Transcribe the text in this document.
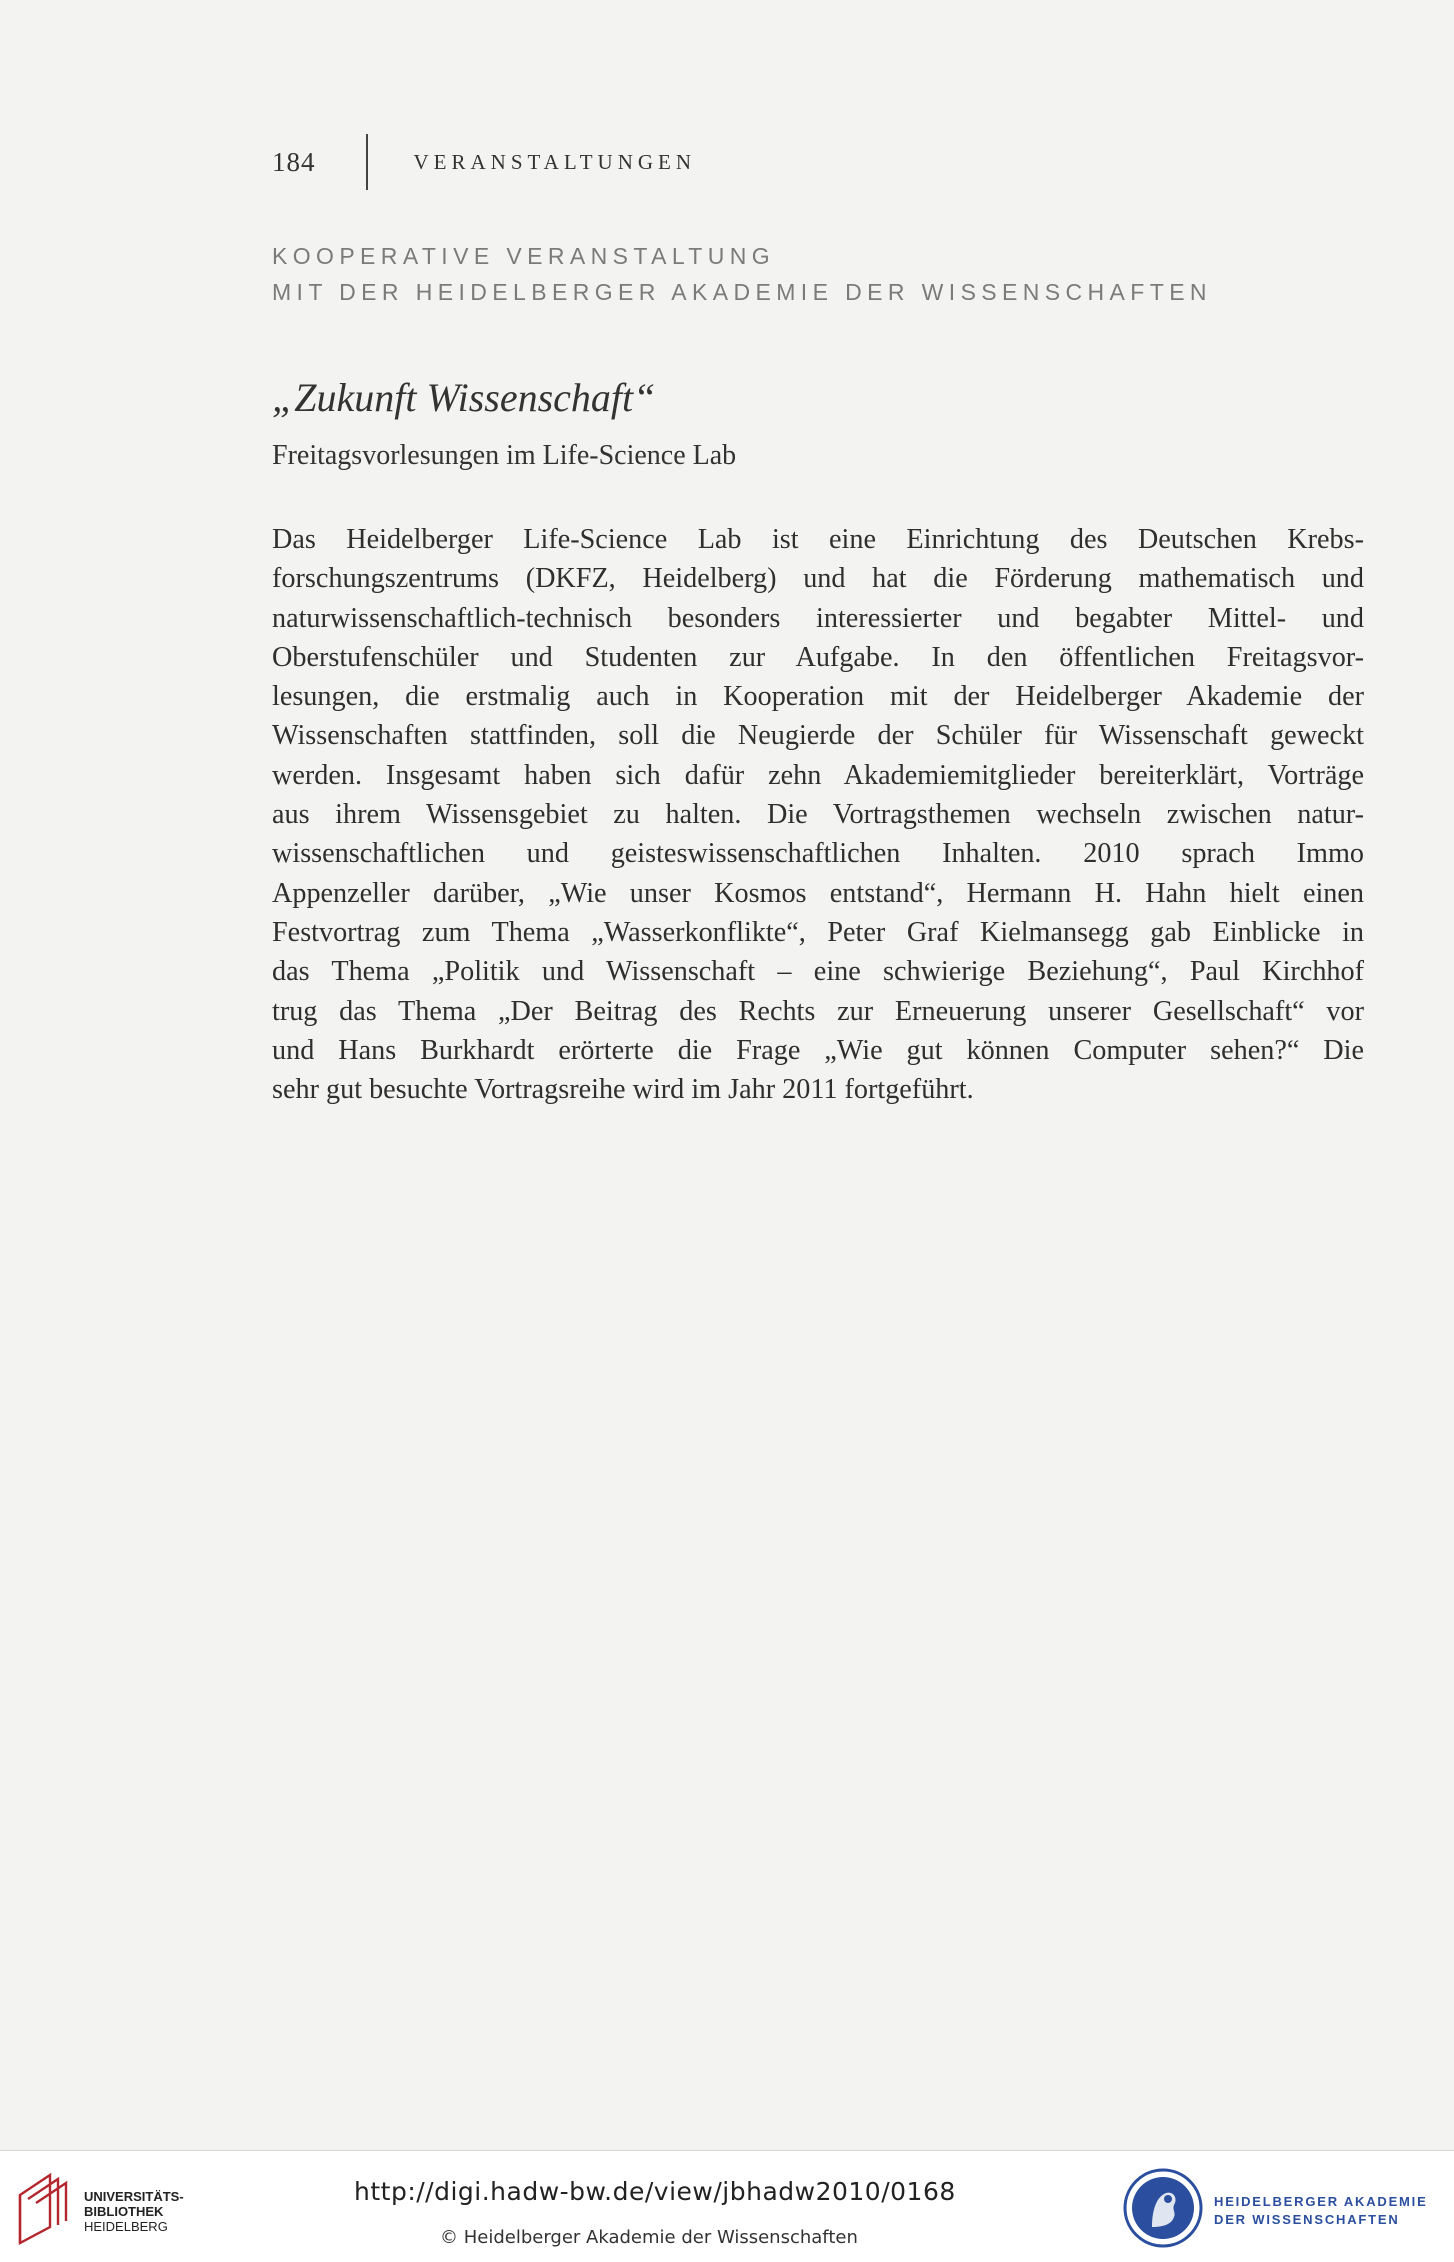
184	VERANSTALTUNGEN
KOOPERATIVE VERANSTALTUNG
MIT DER HEIDELBERGER AKADEMIE DER WISSENSCHAFTEN
„Zukunft Wissenschaft“
Freitagsvorlesungen im Life-Science Lab
Das Heidelberger Life-Science Lab ist eine Einrichtung des Deutschen Krebs-
forschungszentrums (DKFZ, Heidelberg) und hat die Förderung mathematisch und
naturwissenschaftlich-technisch besonders interessierter und begabter Mittel- und
Oberstufenschüler und Studenten zur Aufgabe. In den öffentlichen Freitagsvor-
lesungen, die erstmalig auch in Kooperation mit der Heidelberger Akademie der
Wissenschaften stattfinden, soll die Neugierde der Schüler für Wissenschaft geweckt
werden. Insgesamt haben sich dafür zehn Akademiemitglieder bereiterklärt, Vorträge
aus ihrem Wissensgebiet zu halten. Die Vortragsthemen wechseln zwischen natur-
wissenschaftlichen und geisteswissenschaftlichen Inhalten. 2010 sprach Immo
Appenzeller darüber, „Wie unser Kosmos entstand“, Hermann H. Hahn hielt einen
Festvortrag zum Thema „Wasserkonflikte“, Peter Graf Kielmansegg gab Einblicke in
das Thema „Politik und Wissenschaft – eine schwierige Beziehung“, Paul Kirchhof
trug das Thema „Der Beitrag des Rechts zur Erneuerung unserer Gesellschaft“ vor
und Hans Burkhardt erörterte die Frage „Wie gut können Computer sehen?“ Die
sehr gut besuchte Vortragsreihe wird im Jahr 2011 fortgeführt.
UNIVERSITÄTS-
BIBLIOTHEK
HEIDELBERG
http://digi.hadw-bw.de/view/jbhadw2010/0168
© Heidelberger Akademie der Wissenschaften
HEIDELBERGER AKADEMIE
DER WISSENSCHAFTEN
